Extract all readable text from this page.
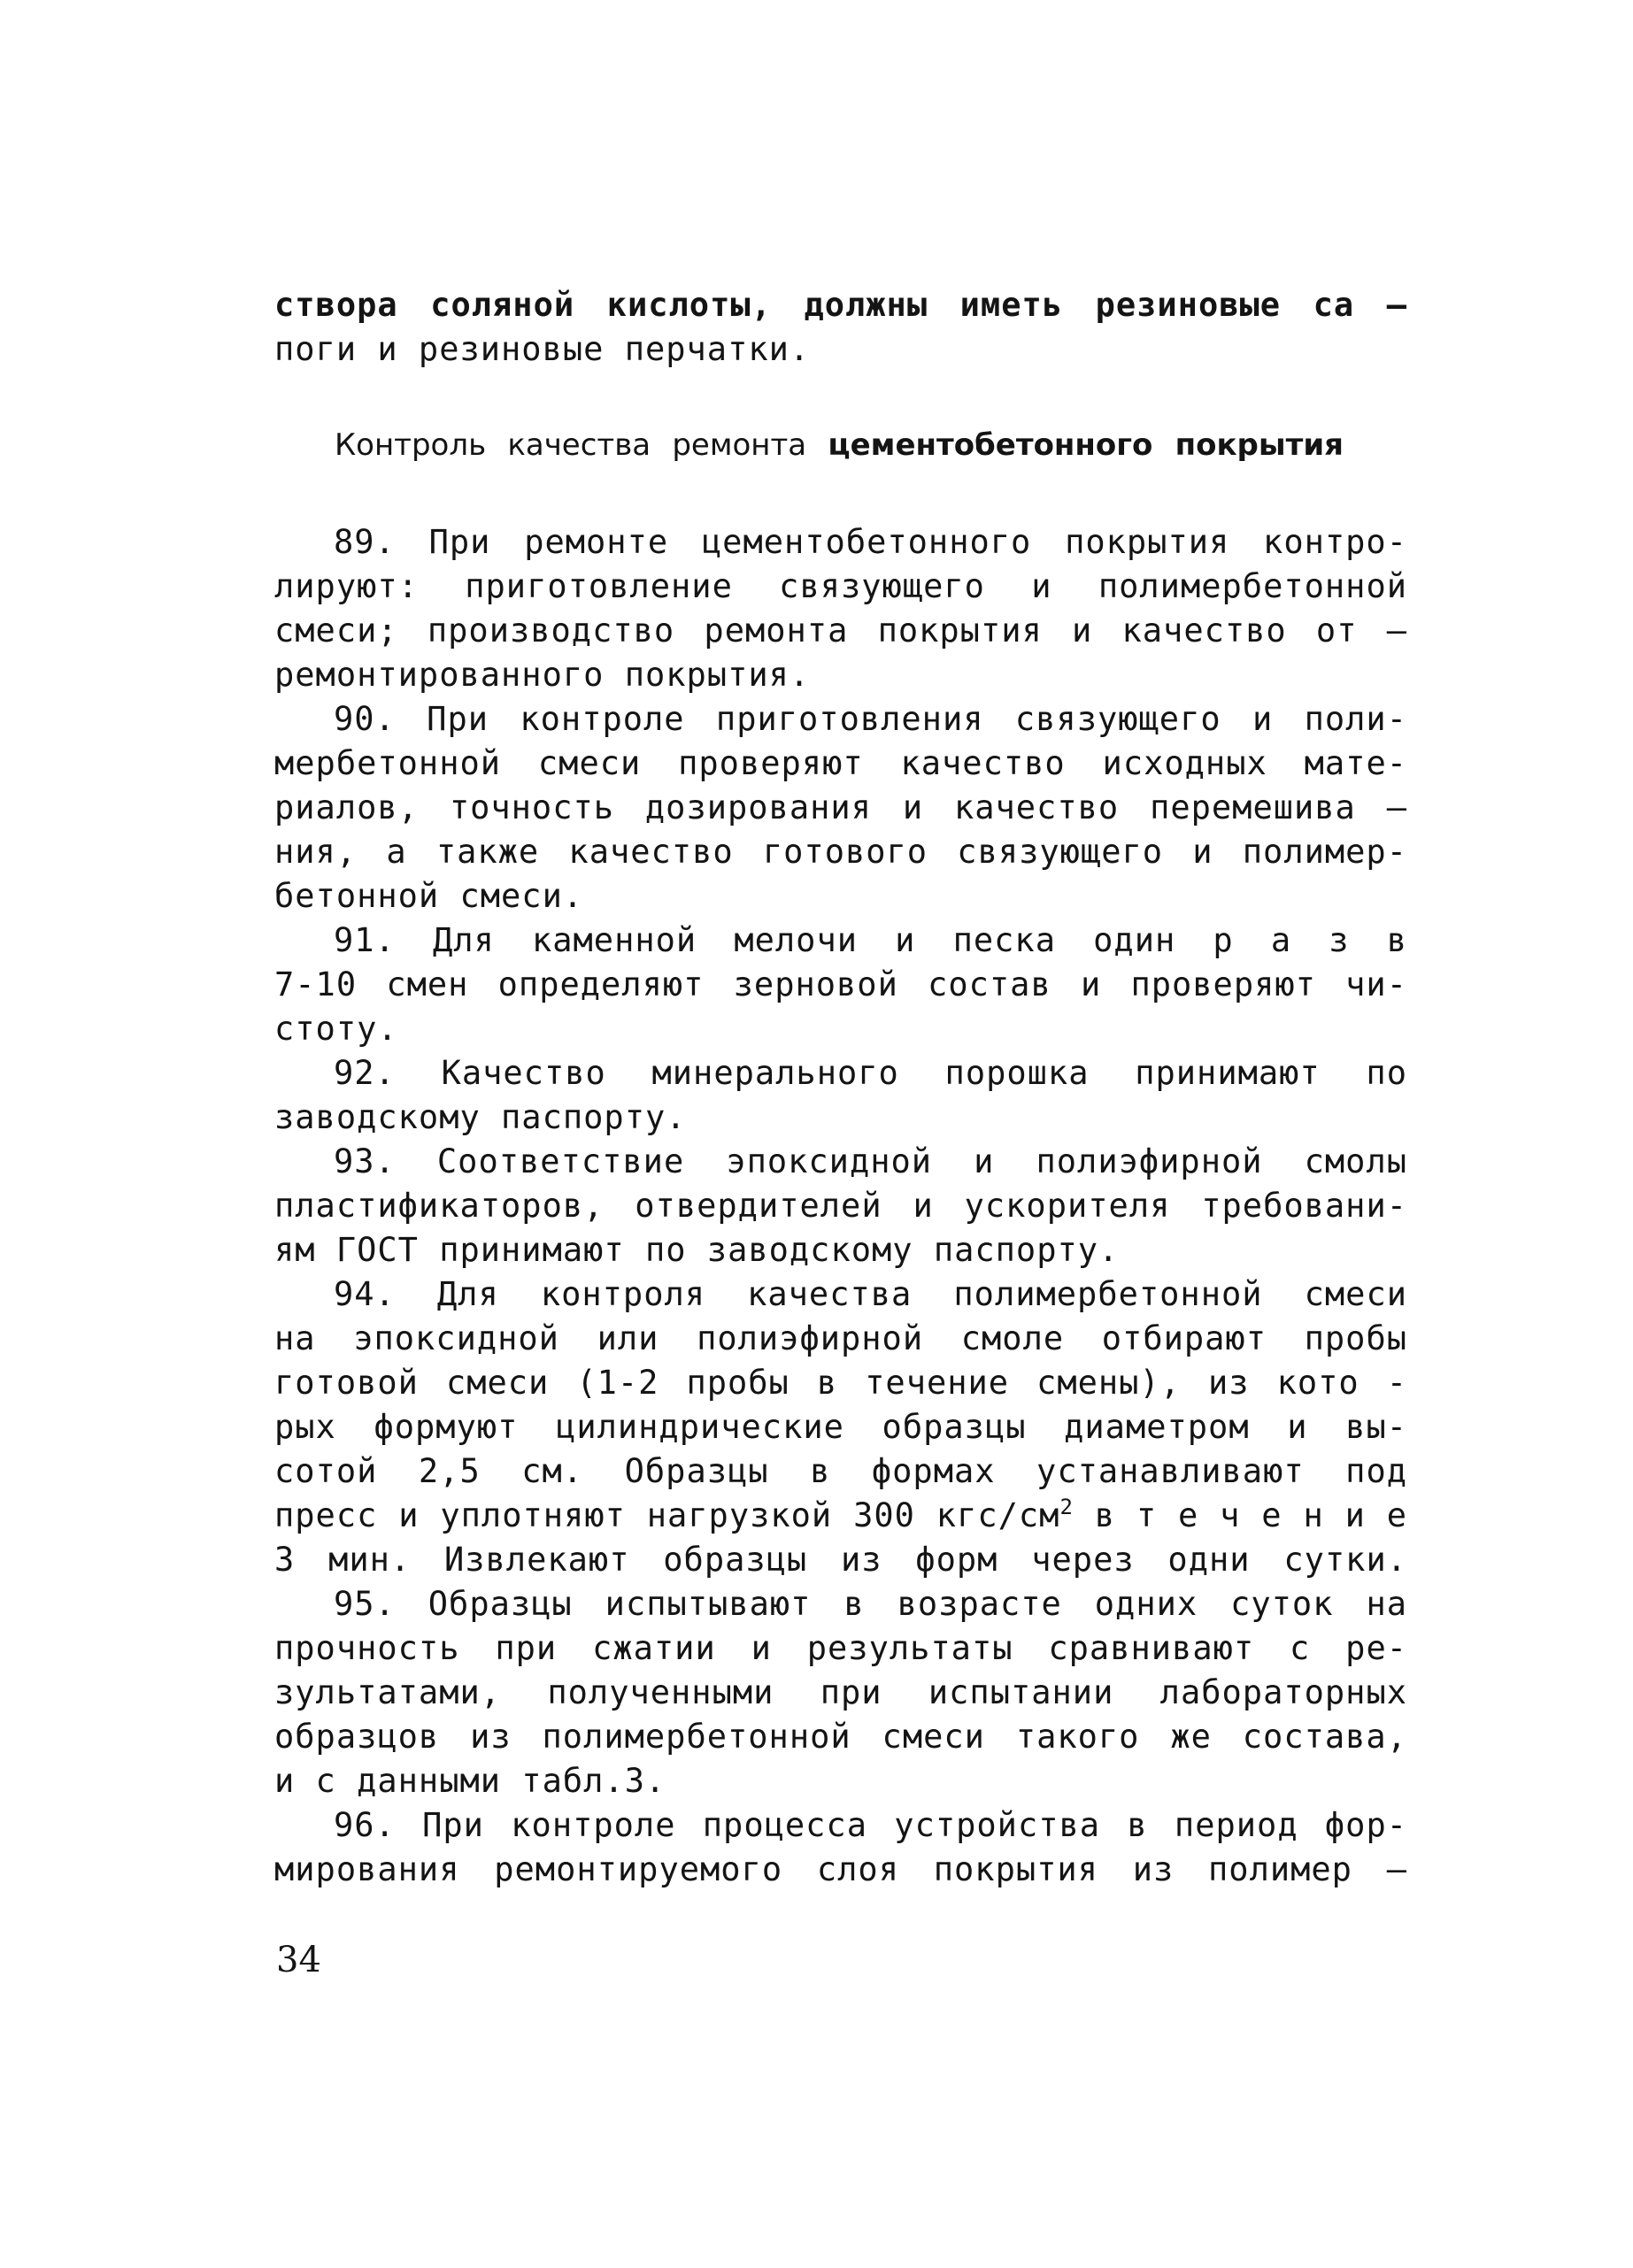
створа соляной кислоты, должны иметь резиновые са –
поги и резиновые перчатки.
Контроль качества ремонта цементобетонного покрытия
89. При ремонте цементобетонного покрытия контро-
лируют: приготовление связующего и полимербетонной
смеси; производство ремонта покрытия и качество от –
ремонтированного покрытия.
90. При контроле приготовления связующего и поли-
мербетонной смеси проверяют качество исходных мате-
риалов, точность дозирования и качество перемешива –
ния, а также качество готового связующего и полимер-
бетонной смеси.
91. Для каменной мелочи и песка один р а з в
7-10 смен определяют зерновой состав и проверяют чи-
стоту.
92. Качество минерального порошка принимают по
заводскому паспорту.
93. Соответствие эпоксидной и полиэфирной смолы
пластификаторов, отвердителей и ускорителя требовани-
ям ГОСТ принимают по заводскому паспорту.
94. Для контроля качества полимербетонной смеси
на эпоксидной или полиэфирной смоле отбирают пробы
готовой смеси (1-2 пробы в течение смены), из кото -
рых формуют цилиндрические образцы диаметром и вы-
сотой 2,5 см. Образцы в формах устанавливают под
пресс и уплотняют нагрузкой 300 кгс/$см^2$ в т е ч е н и е
3 мин. Извлекают образцы из форм через одни сутки.
95. Образцы испытывают в возрасте одних суток на
прочность при сжатии и результаты сравнивают с ре-
зультатами, полученными при испытании лабораторных
образцов из полимербетонной смеси такого же состава,
и с данными табл.3.
96. При контроле процесса устройства в период фор-
мирования ремонтируемого слоя покрытия из полимер –
34
